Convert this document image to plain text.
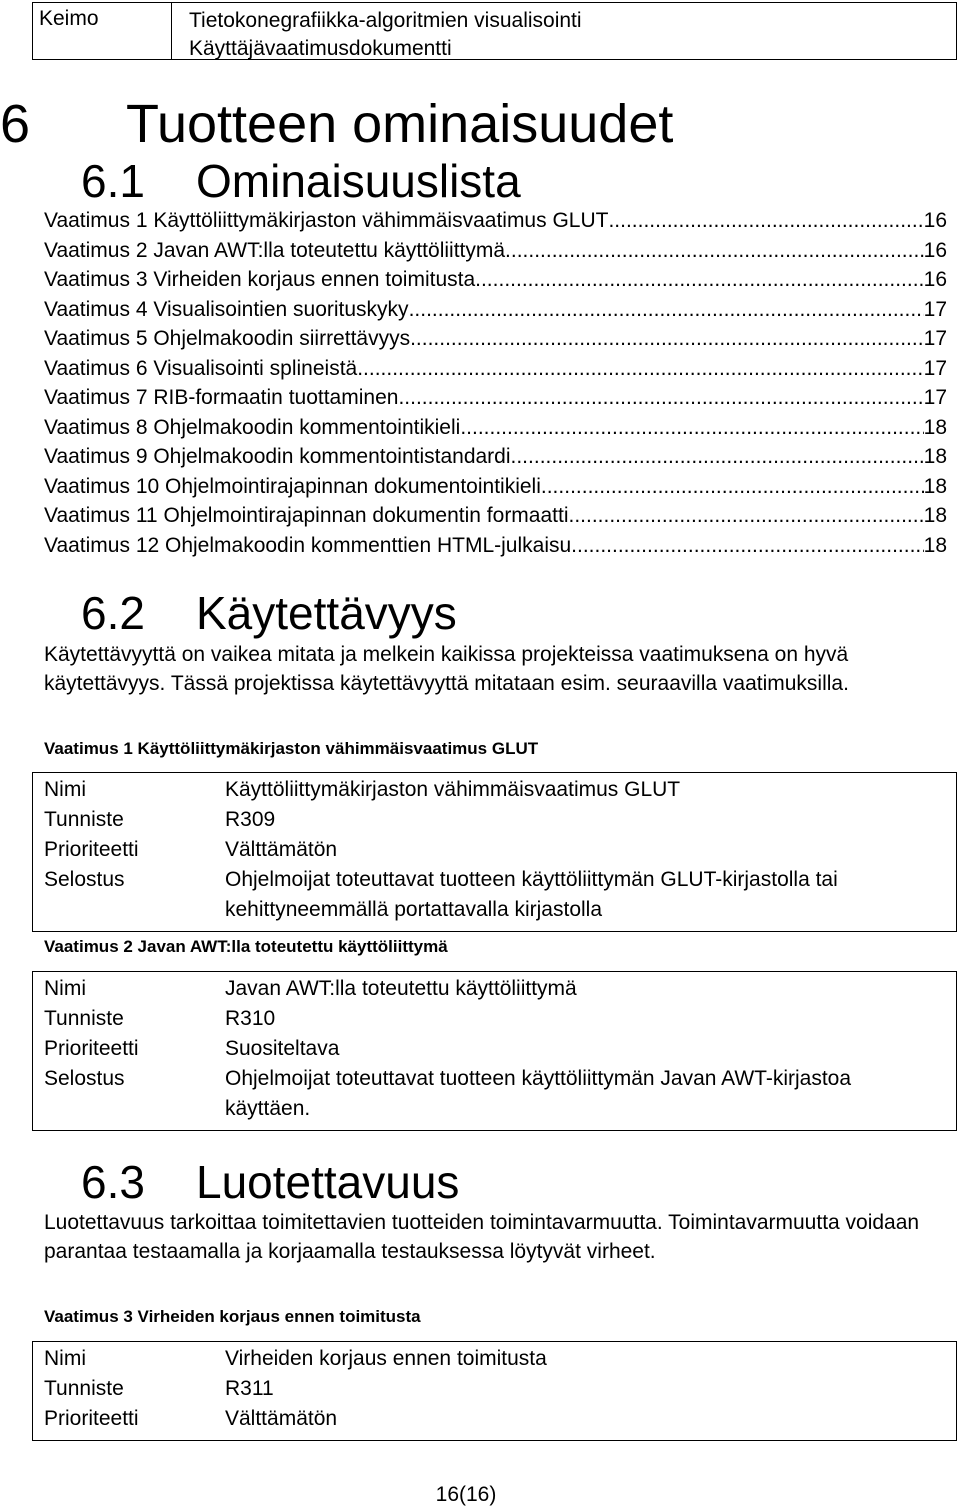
Keimo	Tietokonegrafiikka-algoritmien visualisointi
Käyttäjävaatimusdokumentti
6 Tuotteen ominaisuudet
6.1 Ominaisuuslista
Vaatimus 1 Käyttöliittymäkirjaston vähimmäisvaatimus GLUT .....	16
Vaatimus 2 Javan AWT:lla toteutettu käyttöliittymä .....	16
Vaatimus 3 Virheiden korjaus ennen toimitusta .....	16
Vaatimus 4 Visualisointien suorituskyky .....	17
Vaatimus 5 Ohjelmakoodin siirrettävyys .....	17
Vaatimus 6 Visualisointi splineistä .....	17
Vaatimus 7 RIB-formaatin tuottaminen .....	17
Vaatimus 8 Ohjelmakoodin kommentointikieli .....	18
Vaatimus 9 Ohjelmakoodin kommentointistandardi .....	18
Vaatimus 10 Ohjelmointirajapinnan dokumentointikieli .....	18
Vaatimus 11 Ohjelmointirajapinnan dokumentin formaatti .....	18
Vaatimus 12 Ohjelmakoodin kommenttien HTML-julkaisu .....	18
6.2 Käytettävyys
Käytettävyyttä on vaikea mitata ja melkein kaikissa projekteissa vaatimuksena on hyvä käytettävyys. Tässä projektissa käytettävyyttä mitataan esim. seuraavilla vaatimuksilla.
Vaatimus 1 Käyttöliittymäkirjaston vähimmäisvaatimus GLUT
Nimi	Käyttöliittymäkirjaston vähimmäisvaatimus GLUT
Tunniste	R309
Prioriteetti	Välttämätön
Selostus	Ohjelmoijat toteuttavat tuotteen käyttöliittymän GLUT-kirjastolla tai kehittyneemmällä portattavalla kirjastolla
Vaatimus 2 Javan AWT:lla toteutettu käyttöliittymä
Nimi	Javan AWT:lla toteutettu käyttöliittymä
Tunniste	R310
Prioriteetti	Suositeltava
Selostus	Ohjelmoijat toteuttavat tuotteen käyttöliittymän Javan AWT-kirjastoa käyttäen.
6.3 Luotettavuus
Luotettavuus tarkoittaa toimitettavien tuotteiden toimintavarmuutta. Toimintavarmuutta voidaan parantaa testaamalla ja korjaamalla testauksessa löytyvät virheet.
Vaatimus 3 Virheiden korjaus ennen toimitusta
Nimi	Virheiden korjaus ennen toimitusta
Tunniste	R311
Prioriteetti	Välttämätön
16(16)
